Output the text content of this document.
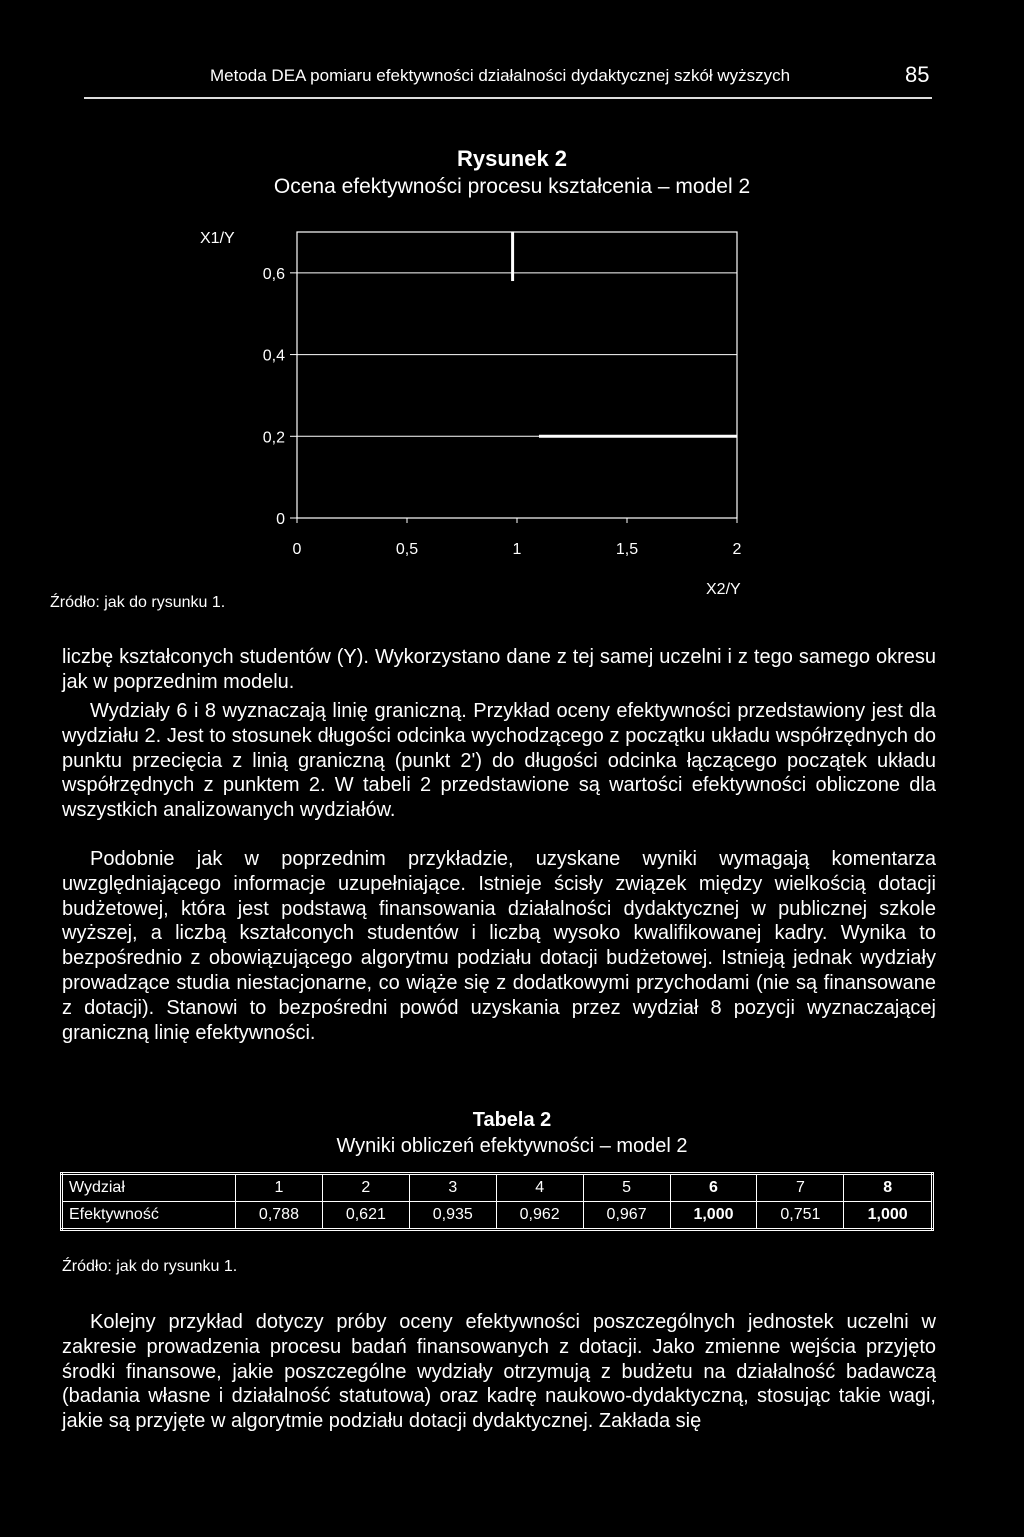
Metoda DEA pomiaru efektywności działalności dydaktycznej szkół wyższych	85
Rysunek 2
Ocena efektywności procesu kształcenia – model 2
X1/Y
0
0,2
0,4
0,6
0	0,5	1	1,5	2
X2/Y
Źródło: jak do rysunku 1.
liczbę kształconych studentów (Y). Wykorzystano dane z tej samej uczelni i z tego samego okresu jak w poprzednim modelu.
Wydziały 6 i 8 wyznaczają linię graniczną. Przykład oceny efektywności przedstawiony jest dla wydziału 2. Jest to stosunek długości odcinka wychodzącego z początku układu współrzędnych do punktu przecięcia z linią graniczną (punkt 2') do długości odcinka łączącego początek układu współrzędnych z punktem 2. W tabeli 2 przedstawione są wartości efektywności obliczone dla wszystkich analizowanych wydziałów.
Podobnie jak w poprzednim przykładzie, uzyskane wyniki wymagają komentarza uwzględniającego informacje uzupełniające. Istnieje ścisły związek między wielkością dotacji budżetowej, która jest podstawą finansowania działalności dydaktycznej w publicznej szkole wyższej, a liczbą kształconych studentów i liczbą wysoko kwalifikowanej kadry. Wynika to bezpośrednio z obowiązującego algorytmu podziału dotacji budżetowej. Istnieją jednak wydziały prowadzące studia niestacjonarne, co wiąże się z dodatkowymi przychodami (nie są finansowane z dotacji). Stanowi to bezpośredni powód uzyskania przez wydział 8 pozycji wyznaczającej graniczną linię efektywności.
Tabela 2
Wyniki obliczeń efektywności – model 2
Wydział	1	2	3	4	5	6	7	8
Efektywność	0,788	0,621	0,935	0,962	0,967	1,000	0,751	1,000
Źródło: jak do rysunku 1.
Kolejny przykład dotyczy próby oceny efektywności poszczególnych jednostek uczelni w zakresie prowadzenia procesu badań finansowanych z dotacji. Jako zmienne wejścia przyjęto środki finansowe, jakie poszczególne wydziały otrzymują z budżetu na działalność badawczą (badania własne i działalność statutowa) oraz kadrę naukowo-dydaktyczną, stosując takie wagi, jakie są przyjęte w algorytmie podziału dotacji dydaktycznej. Zakłada się
